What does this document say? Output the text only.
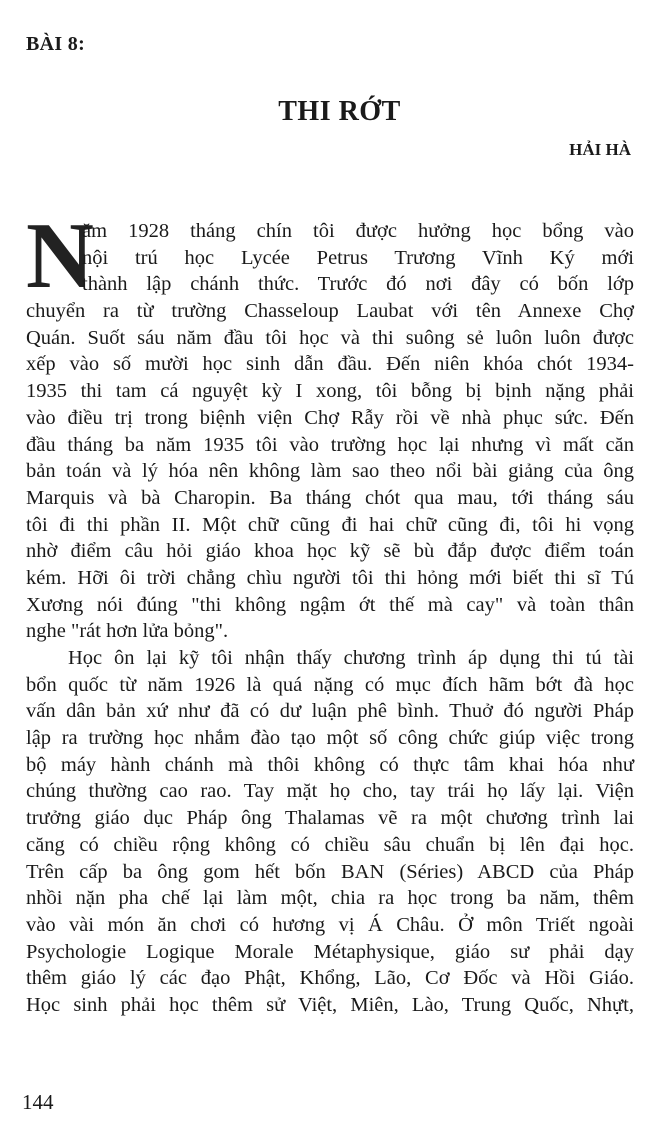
BÀI 8:
THI RỚT
HẢI HÀ
N
ăm 1928 tháng chín tôi được hưởng học bổng vào
nội trú học Lycée Petrus Trương Vĩnh Ký mới
thành lập chánh thức. Trước đó nơi đây có bốn lớp
chuyển ra từ trường Chasseloup Laubat với tên Annexe Chợ
Quán. Suốt sáu năm đầu tôi học và thi suông sẻ luôn luôn được
xếp vào số mười học sinh dẫn đầu. Đến niên khóa chót 1934-
1935 thi tam cá nguyệt kỳ I xong, tôi bỗng bị bịnh nặng phải
vào điều trị trong biệnh viện Chợ Rẫy rồi về nhà phục sức. Đến
đầu tháng ba năm 1935 tôi vào trường học lại nhưng vì mất căn
bản toán và lý hóa nên không làm sao theo nổi bài giảng của ông
Marquis và bà Charopin. Ba tháng chót qua mau, tới tháng sáu
tôi đi thi phần II. Một chữ cũng đi hai chữ cũng đi, tôi hi vọng
nhờ điểm câu hỏi giáo khoa học kỹ sẽ bù đắp được điểm toán
kém. Hỡi ôi trời chẳng chìu người tôi thi hỏng mới biết thi sĩ Tú
Xương nói đúng "thi không ngậm ớt thế mà cay" và toàn thân
nghe "rát hơn lửa bỏng".
Học ôn lại kỹ tôi nhận thấy chương trình áp dụng thi tú tài
bổn quốc từ năm 1926 là quá nặng có mục đích hãm bớt đà học
vấn dân bản xứ như đã có dư luận phê bình. Thuở đó người Pháp
lập ra trường học nhắm đào tạo một số công chức giúp việc trong
bộ máy hành chánh mà thôi không có thực tâm khai hóa như
chúng thường cao rao. Tay mặt họ cho, tay trái họ lấy lại. Viện
trưởng giáo dục Pháp ông Thalamas vẽ ra một chương trình lai
căng có chiều rộng không có chiều sâu chuẩn bị lên đại học.
Trên cấp ba ông gom hết bốn BAN (Séries) ABCD của Pháp
nhồi nặn pha chế lại làm một, chia ra học trong ba năm, thêm
vào vài món ăn chơi có hương vị Á Châu. Ở môn Triết ngoài
Psychologie Logique Morale Métaphysique, giáo sư phải dạy
thêm giáo lý các đạo Phật, Khổng, Lão, Cơ Đốc và Hồi Giáo.
Học sinh phải học thêm sử Việt, Miên, Lào, Trung Quốc, Nhựt,
144
